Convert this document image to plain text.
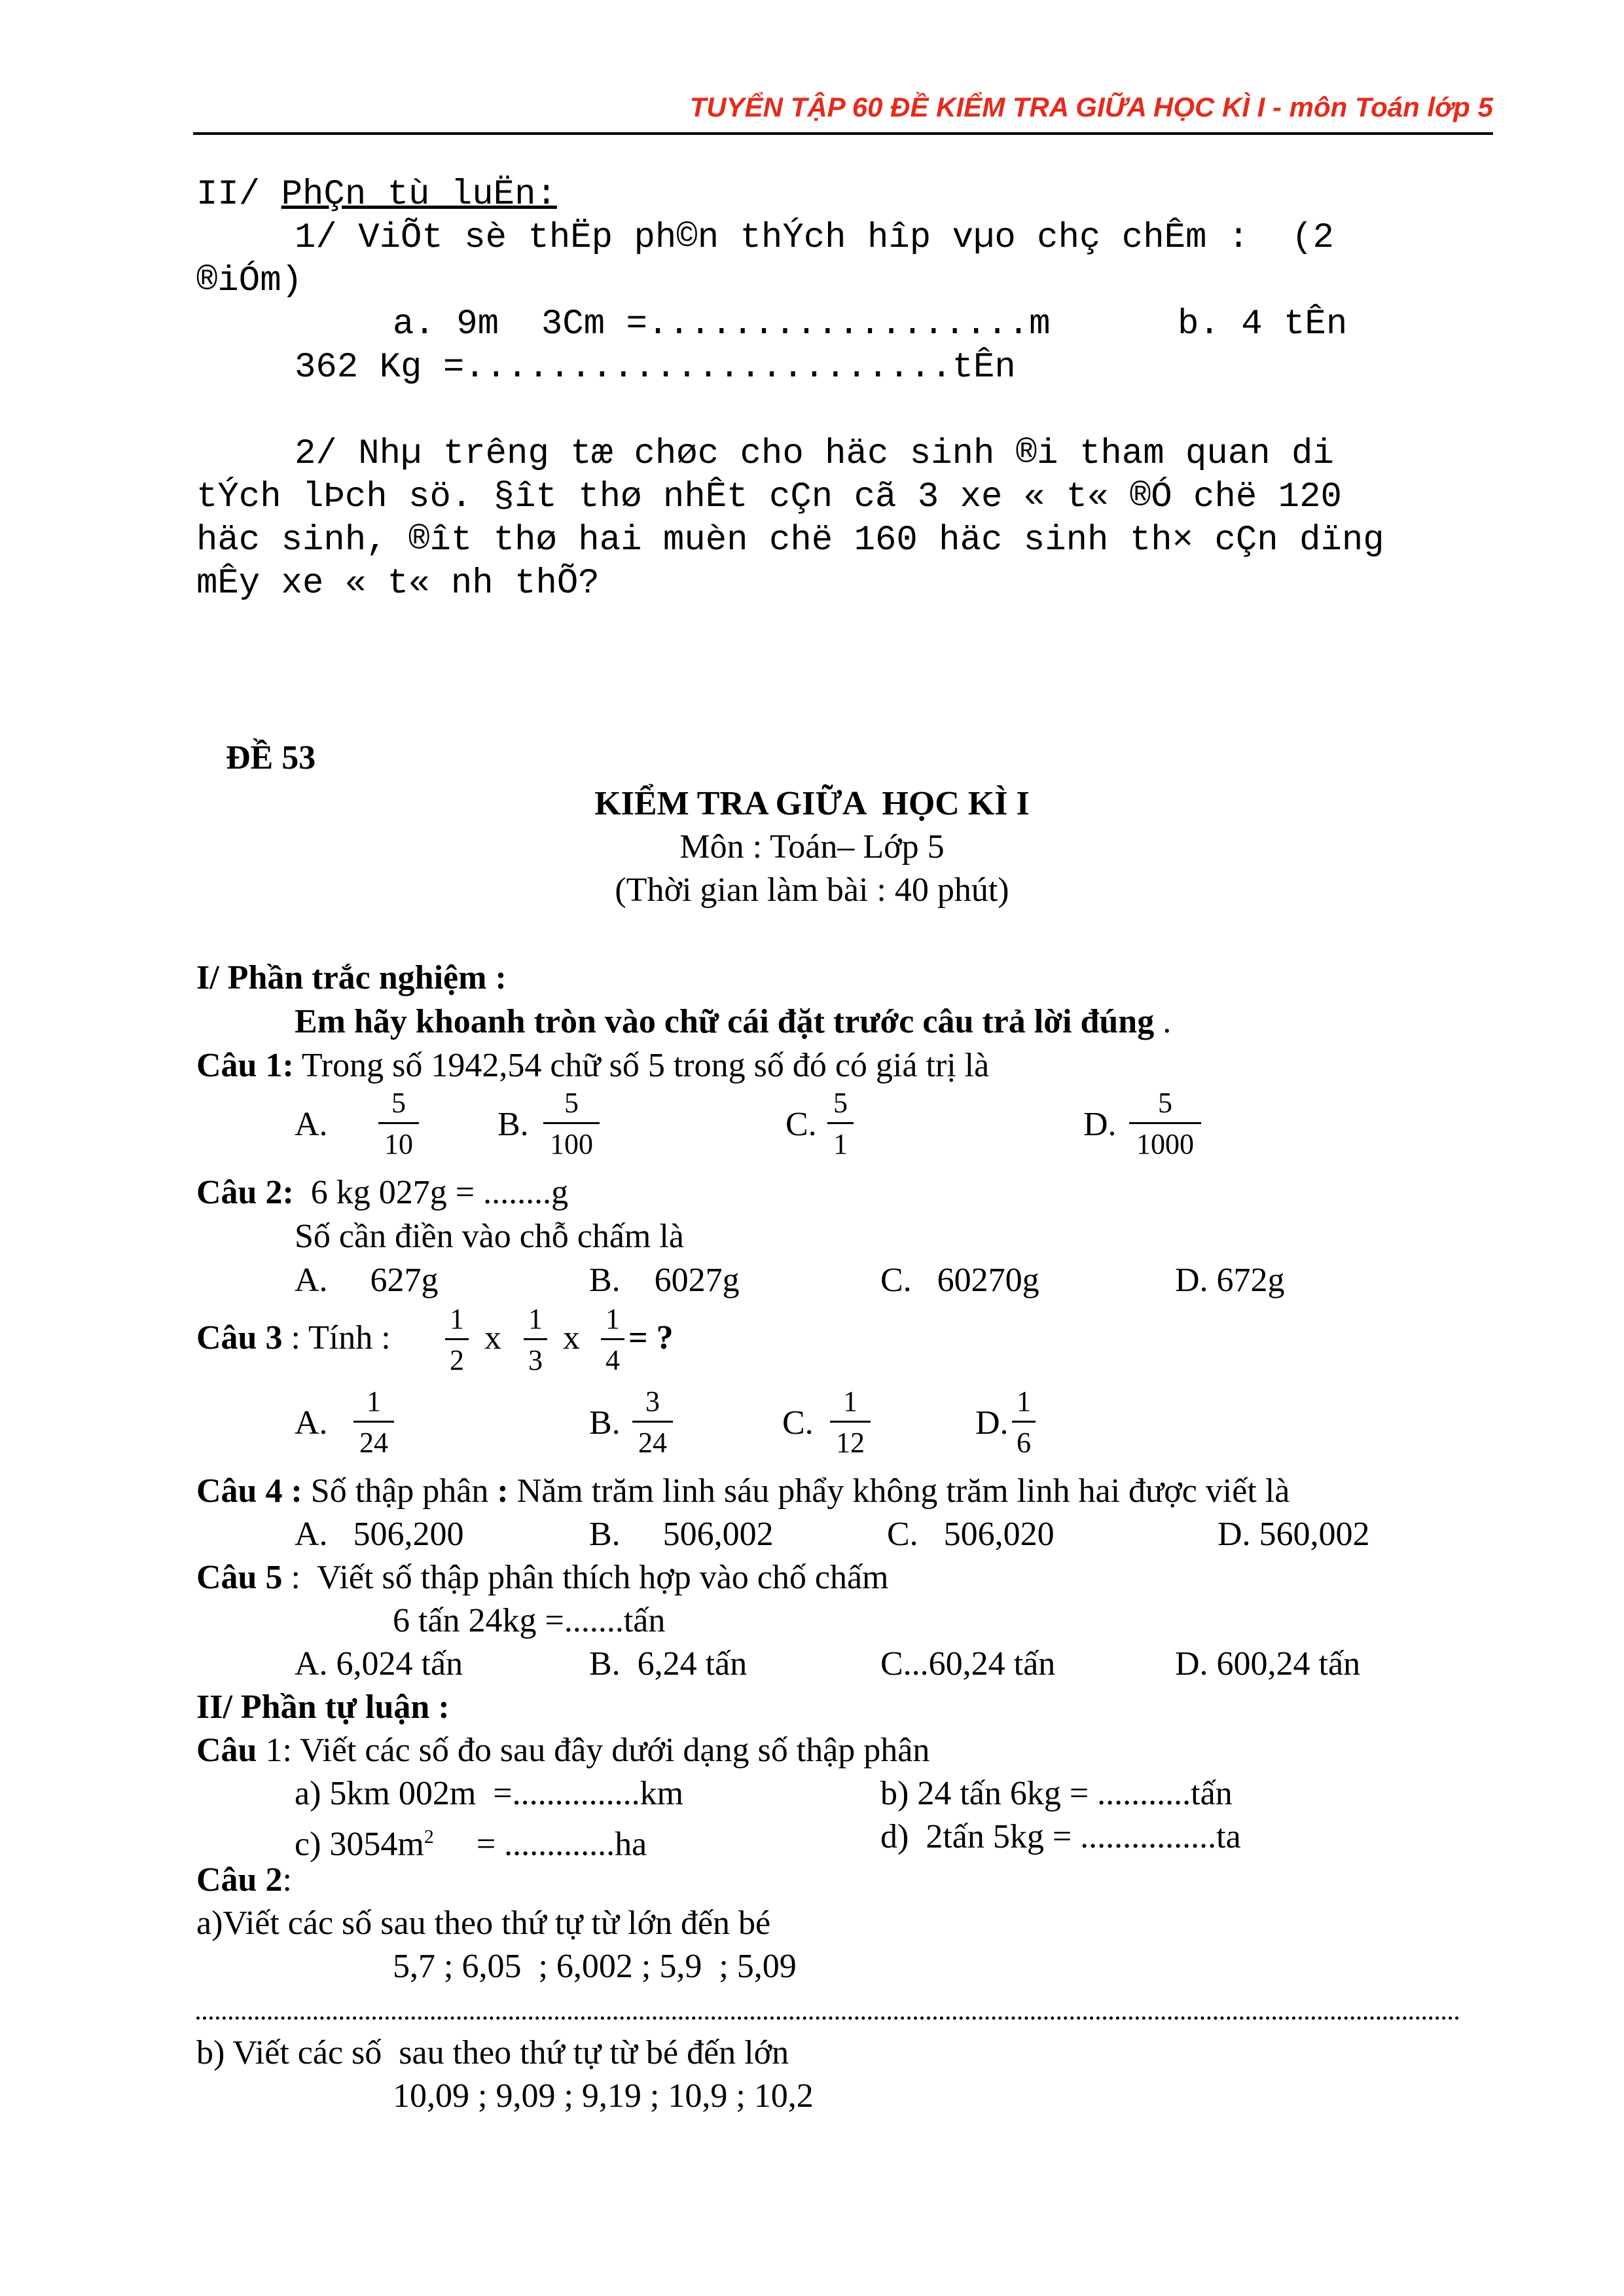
TUYỂN TẬP 60 ĐỀ KIỂM TRA GIỮA HỌC KÌ I - môn Toán lớp 5
II/ PhÇn tù luËn:
1/ ViÕt sè thËp ph©n thÝch hîp vµo chç chÊm :  (2
®iÓm)
a. 9m  3Cm =..................m      b. 4 tÊn
362 Kg =.......................tÊn
2/ Nhµ trêng tæ chøc cho häc sinh ®i tham quan di
tÝch lÞch sö. §ît thø nhÊt cÇn cã 3 xe « t« ®Ó chë 120
häc sinh, ®ît thø hai muèn chë 160 häc sinh th× cÇn dïng
mÊy xe « t« nh thÕ?
ĐỀ 53
KIỂM TRA GIỮA  HỌC KÌ I
Môn : Toán– Lớp 5
(Thời gian làm bài : 40 phút)
I/ Phần trắc nghiệm :
Em hãy khoanh tròn vào chữ cái đặt trước câu trả lời đúng .
Câu 1: Trong số 1942,54 chữ số 5 trong số đó có giá trị là
A. $\frac{5}{10} B$. $\frac{5}{100}$	C. $\frac{5}{1}$	D. $\frac{5}{1000}$
Câu 2:  6 kg 027g = ........g
Số cần điền vào chỗ chấm là
A.     627g	B.    6027g	C.   60270g	D. 672g
Câu 3 : Tính : $\frac{1}{2}$ x $\frac{1}{3}$ x $\frac{1}{4}$ = ?
A. $\frac{1}{24}$	B. $\frac{3}{24}$	C. $\frac{1}{12}$	D. $\frac{1}{6}$
Câu 4 : Số thập phân : Năm trăm linh sáu phẩy không trăm linh hai được viết là
A.   506,200	B.     506,002	C.   506,020	D. 560,002
Câu 5 :  Viết số thập phân thích hợp vào chố chấm
6 tấn 24kg =.......tấn
A. 6,024 tấn	B.  6,24 tấn	C...60,24 tấn	D. 600,24 tấn
II/ Phần tự luận :
Câu 1: Viết các số đo sau đây dưới dạng số thập phân
a) 5km 002m  =...............km	b) 24 tấn 6kg = ...........tấn
c) $3054m^2$     = .............ha	d)  2tấn 5kg = ................ta
Câu 2:
a)Viết các số sau theo thứ tự từ lớn đến bé
5,7 ; 6,05  ; 6,002 ; 5,9  ; 5,09
b) Viết các số  sau theo thứ tự từ bé đến lớn
10,09 ; 9,09 ; 9,19 ; 10,9 ; 10,2
